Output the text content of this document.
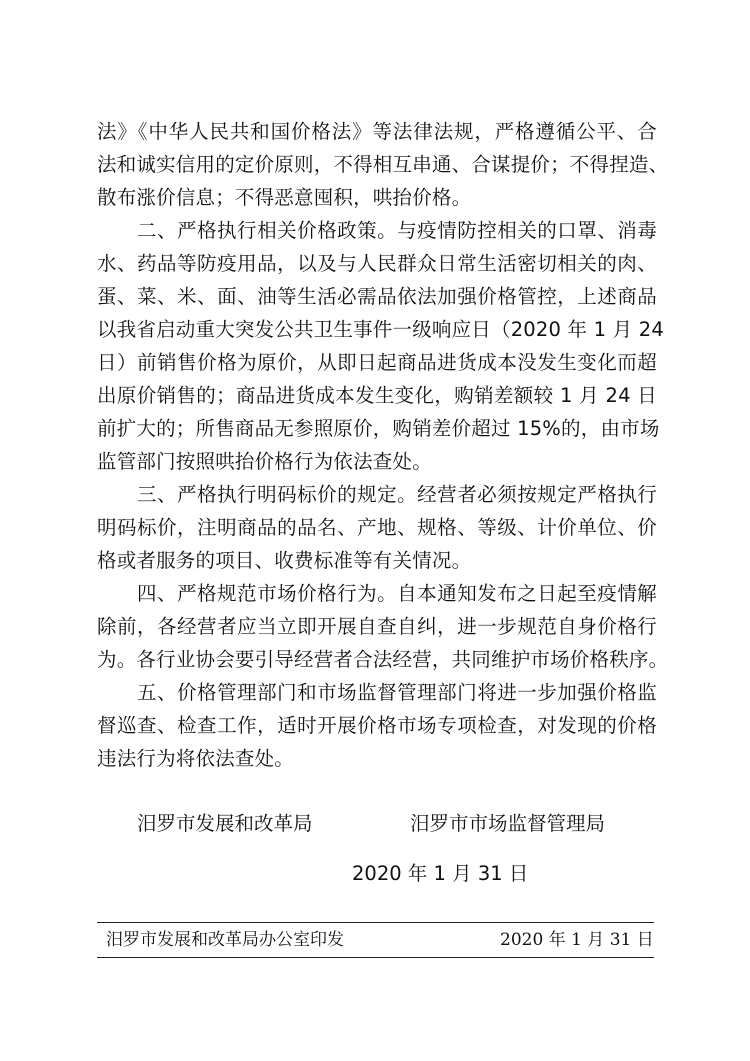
法》《中华人民共和国价格法》等法律法规，严格遵循公平、合
法和诚实信用的定价原则，不得相互串通、合谋提价；不得捏造、
散布涨价信息；不得恶意囤积，哄抬价格。
二、严格执行相关价格政策。与疫情防控相关的口罩、消毒
水、药品等防疫用品，以及与人民群众日常生活密切相关的肉、
蛋、菜、米、面、油等生活必需品依法加强价格管控，上述商品
以我省启动重大突发公共卫生事件一级响应日（2020 年 1 月 24
日）前销售价格为原价，从即日起商品进货成本没发生变化而超
出原价销售的；商品进货成本发生变化，购销差额较 1 月 24 日
前扩大的；所售商品无参照原价，购销差价超过 15%的，由市场
监管部门按照哄抬价格行为依法查处。
三、严格执行明码标价的规定。经营者必须按规定严格执行
明码标价，注明商品的品名、产地、规格、等级、计价单位、价
格或者服务的项目、收费标准等有关情况。
四、严格规范市场价格行为。自本通知发布之日起至疫情解
除前，各经营者应当立即开展自查自纠，进一步规范自身价格行
为。各行业协会要引导经营者合法经营，共同维护市场价格秩序。
五、价格管理部门和市场监督管理部门将进一步加强价格监
督巡查、检查工作，适时开展价格市场专项检查，对发现的价格
违法行为将依法查处。
汨罗市发展和改革局	汨罗市市场监督管理局
2020 年 1 月 31 日
汨罗市发展和改革局办公室印发	2020 年 1 月 31 日
